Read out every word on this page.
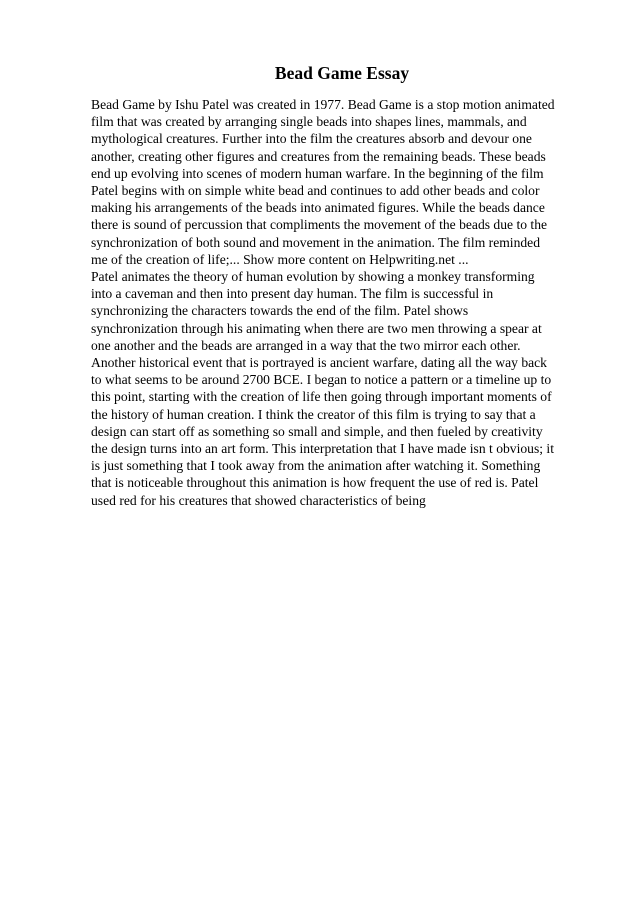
Bead Game Essay
Bead Game by Ishu Patel was created in 1977. Bead Game is a stop motion animated
film that was created by arranging single beads into shapes lines, mammals, and
mythological creatures. Further into the film the creatures absorb and devour one
another, creating other figures and creatures from the remaining beads. These beads
end up evolving into scenes of modern human warfare. In the beginning of the film
Patel begins with on simple white bead and continues to add other beads and color
making his arrangements of the beads into animated figures. While the beads dance
there is sound of percussion that compliments the movement of the beads due to the
synchronization of both sound and movement in the animation. The film reminded
me of the creation of life;... Show more content on Helpwriting.net ...
Patel animates the theory of human evolution by showing a monkey transforming
into a caveman and then into present day human. The film is successful in
synchronizing the characters towards the end of the film. Patel shows
synchronization through his animating when there are two men throwing a spear at
one another and the beads are arranged in a way that the two mirror each other.
Another historical event that is portrayed is ancient warfare, dating all the way back
to what seems to be around 2700 BCE. I began to notice a pattern or a timeline up to
this point, starting with the creation of life then going through important moments of
the history of human creation. I think the creator of this film is trying to say that a
design can start off as something so small and simple, and then fueled by creativity
the design turns into an art form. This interpretation that I have made isn t obvious; it
is just something that I took away from the animation after watching it. Something
that is noticeable throughout this animation is how frequent the use of red is. Patel
used red for his creatures that showed characteristics of being
